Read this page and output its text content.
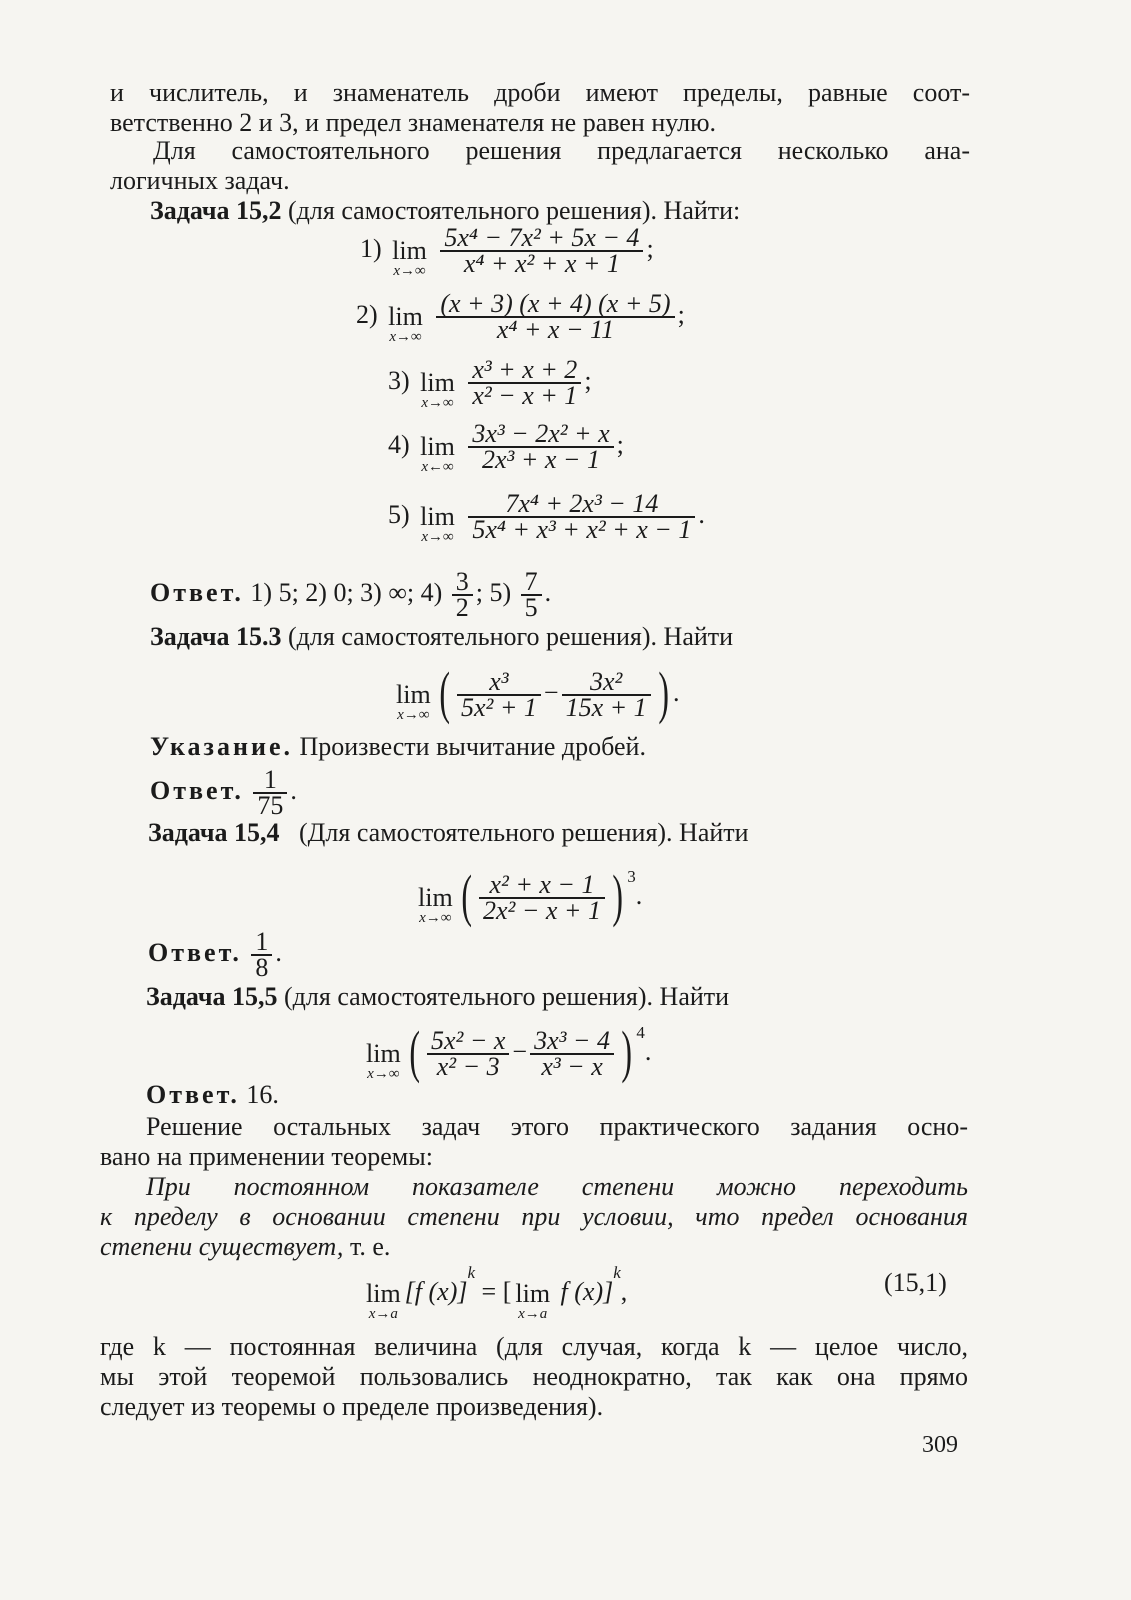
и числитель, и знаменатель дроби имеют пределы, равные соот-
ветственно 2 и 3, и предел знаменателя не равен нулю.
Для самостоятельного решения предлагается несколько ана-
логичных задач.
Задача 15,2 (для самостоятельного решения). Найти:
1) lim
x→∞
$\frac{\text{5x⁴ − 7x² + 5x − 4}}{\text{x⁴ + x² + x + 1}}$ ;
2) lim
x→∞
$\frac{(x + 3) (x + 4) (x + 5)}{\text{x⁴ + x − 11}}$ ;
3) lim
x→∞
$\frac{\text{x³ + x + 2}}{\text{x² − x + 1}}$ ;
4) lim
x←∞
$\frac{\text{3x³ − 2x² + x}}{\text{2x³ + x − 1}}$ ;
5) lim
x→∞
$\frac{\text{7x⁴ + 2x³ − 14}}{\text{5x⁴ + x³ + x² + x − 1}}$ .
Ответ. 1) 5; 2) 0; 3) ∞; $4) \frac{3}{2}$ ; $5) \frac{7}{5}$ .
Задача 15.3 (для самостоятельного решения). Найти
lim
x→∞ ( $\frac{\text{x³}}{\text{5x² + 1}} - \frac{\text{3x²}}{15x + 1}$ ) .
Указание. Произвести вычитание дробей.
Ответ. $\frac{1}{75}$ .
Задача 15,4   (Для самостоятельного решения). Найти
lim
x→∞ ( $\frac{\text{x² + x − 1}}{\text{2x² − x + 1}}$ ) $^3$.
Ответ. $\frac{1}{8}$ .
Задача 15,5 (для самостоятельного решения). Найти
lim
x→∞ ( $\frac{\text{5x² − x}}{\text{x² − 3}} - \frac{\text{3x³ − 4}}{\text{x³ − x}}$ ) $^4$.
Ответ. 16.
Решение остальных задач этого практического задания осно-
вано на применении теоремы:
При постоянном показателе степени можно переходить
к пределу в основании степени при условии, что предел основания
степени существует, т. е.
lim
x→a
[f (x)]$^k$ = [ lim
x→a
f (x)]$^k$,	(15,1)
где k — постоянная величина (для случая, когда k — целое число,
мы этой теоремой пользовались неоднократно, так как она прямо
следует из теоремы о пределе произведения).
309
